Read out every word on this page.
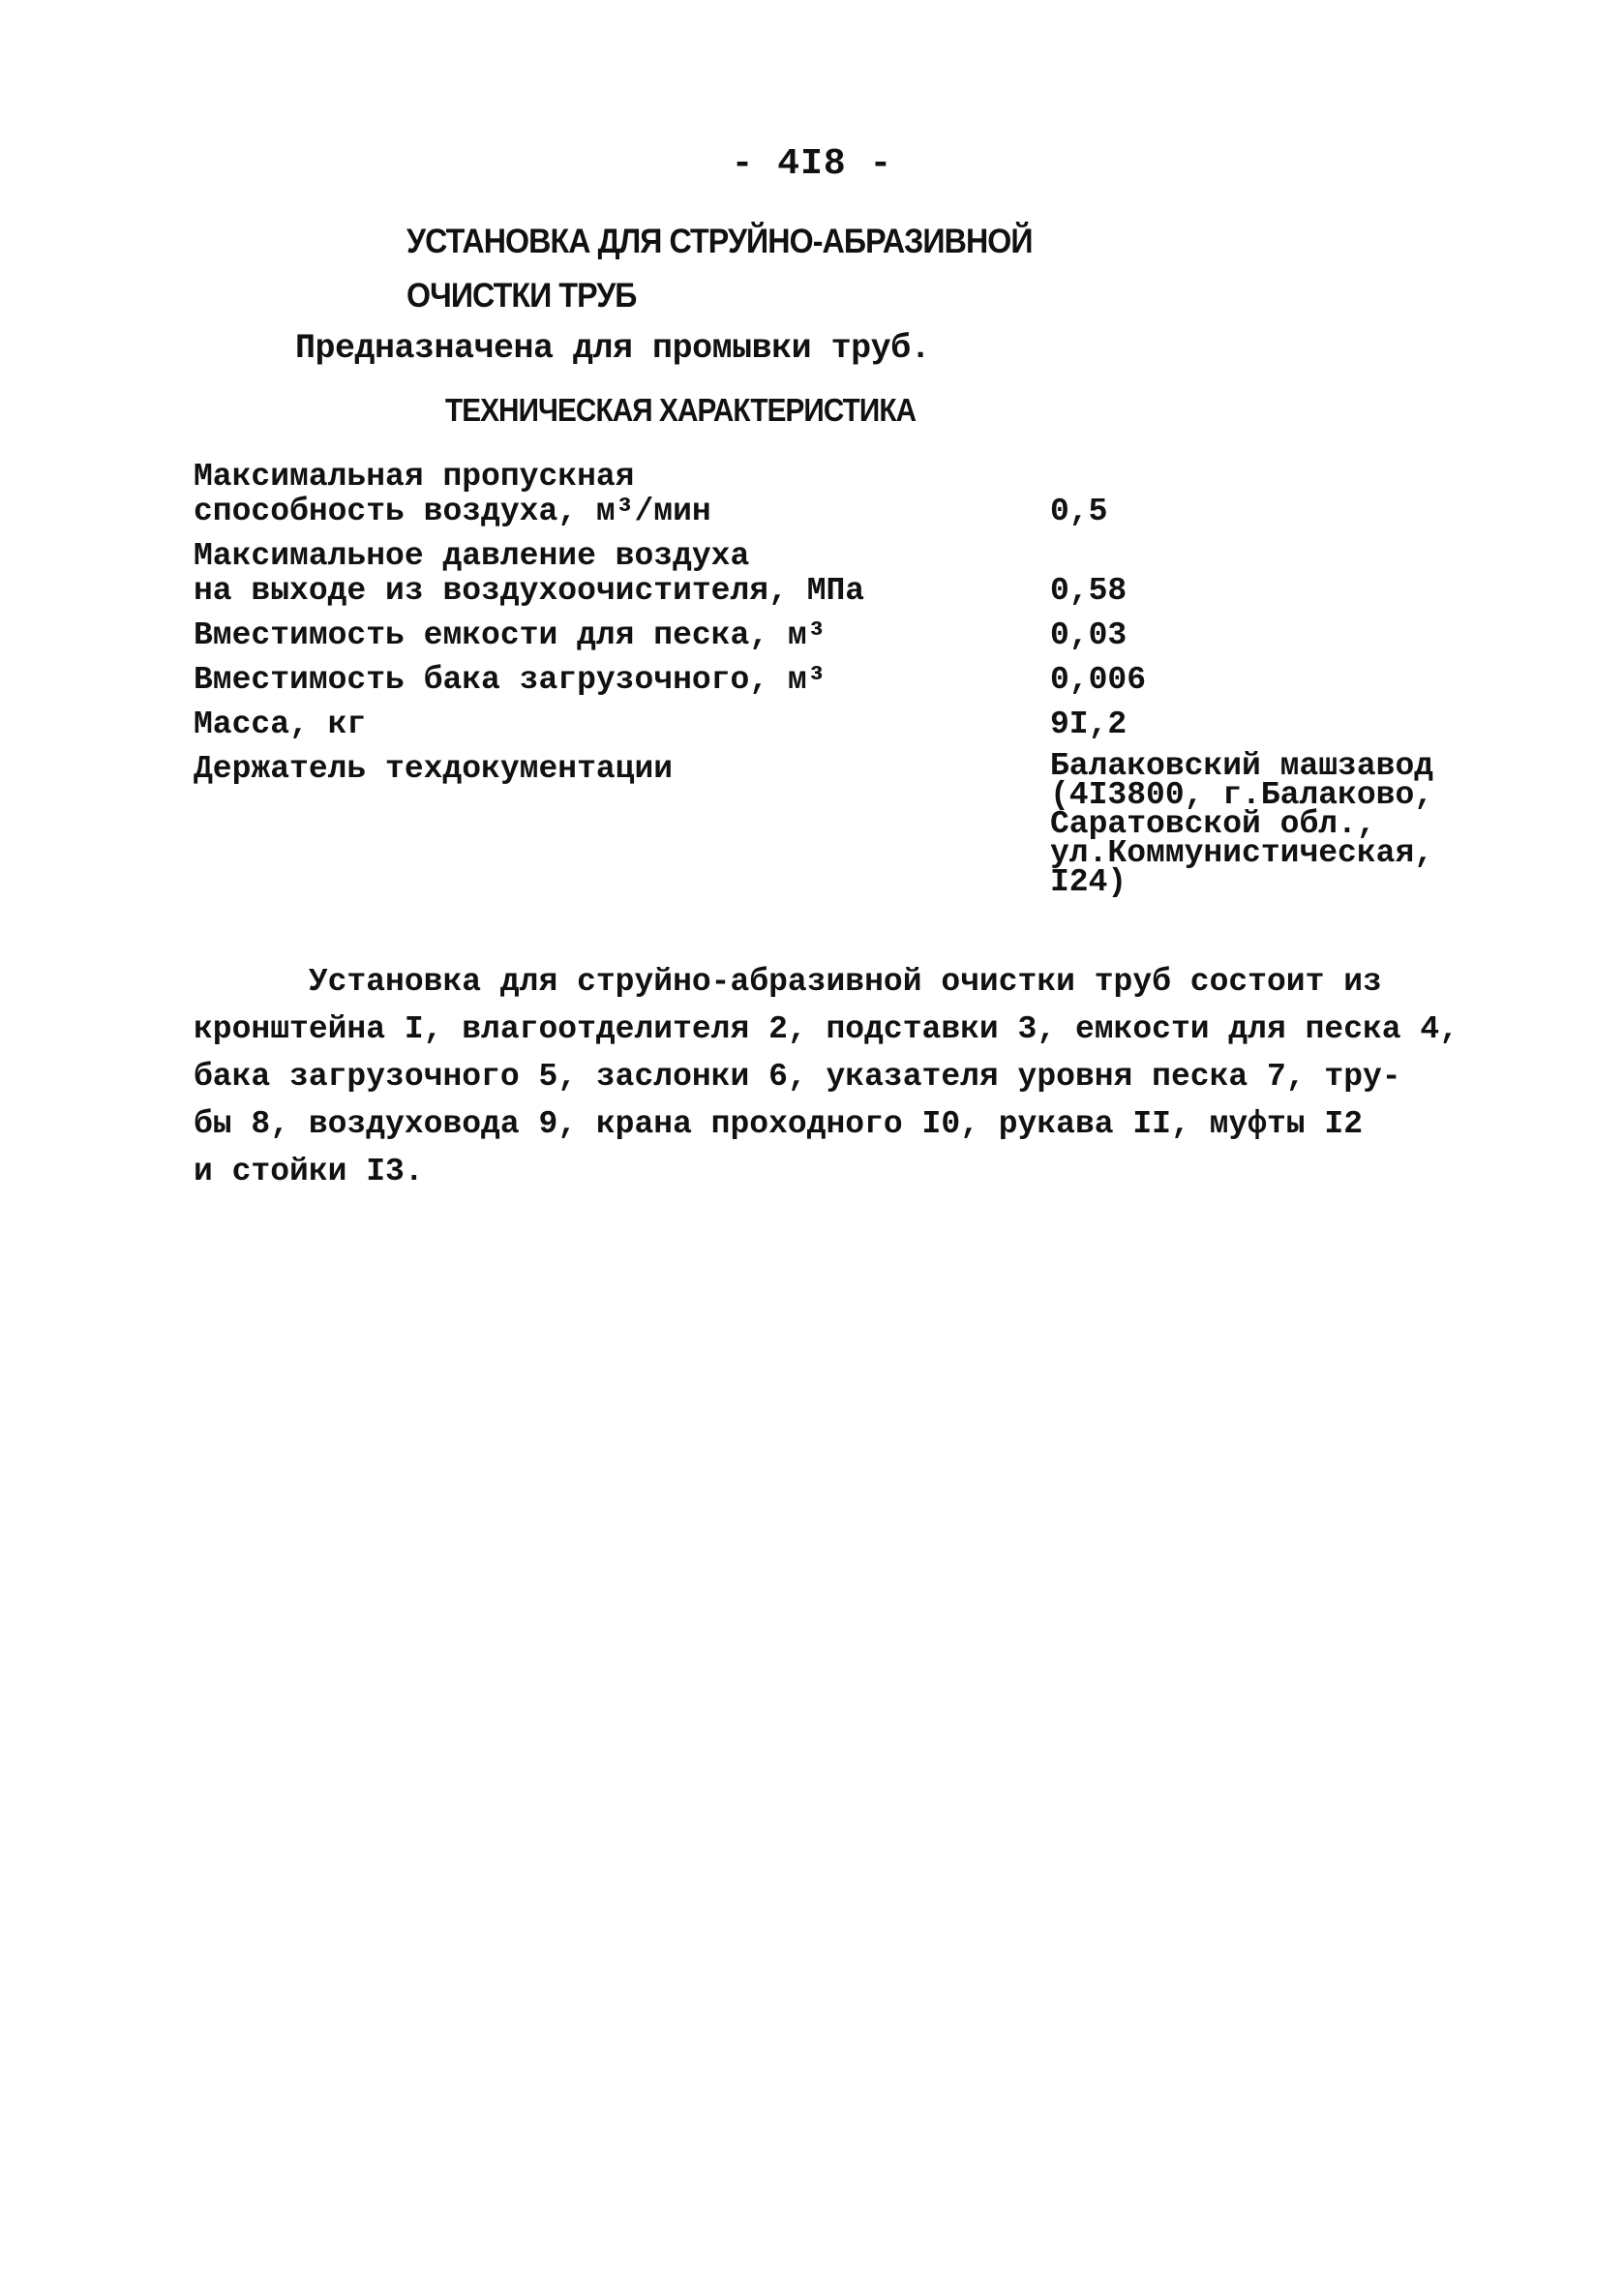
- 4I8 -
УСТАНОВКА ДЛЯ СТРУЙНО-АБРАЗИВНОЙ
ОЧИСТКИ ТРУБ
Предназначена для промывки труб.
ТЕХНИЧЕСКАЯ ХАРАКТЕРИСТИКА
Максимальная пропускная
способность воздуха, м³/мин	0,5
Максимальное давление воздуха
на выходе из воздухоочистителя, МПа	0,58
Вместимость емкости для песка, м³	0,03
Вместимость бака загрузочного, м³	0,006
Масса, кг	9I,2
Держатель техдокументации	Балаковский машзавод
(4I3800, г.Балаково,
Саратовской обл.,
ул.Коммунистическая,
I24)
Установка для струйно-абразивной очистки труб состоит из
кронштейна I, влагоотделителя 2, подставки 3, емкости для песка 4,
бака загрузочного 5, заслонки 6, указателя уровня песка 7, тру-
бы 8, воздуховода 9, крана проходного I0, рукава II, муфты I2
и стойки I3.
